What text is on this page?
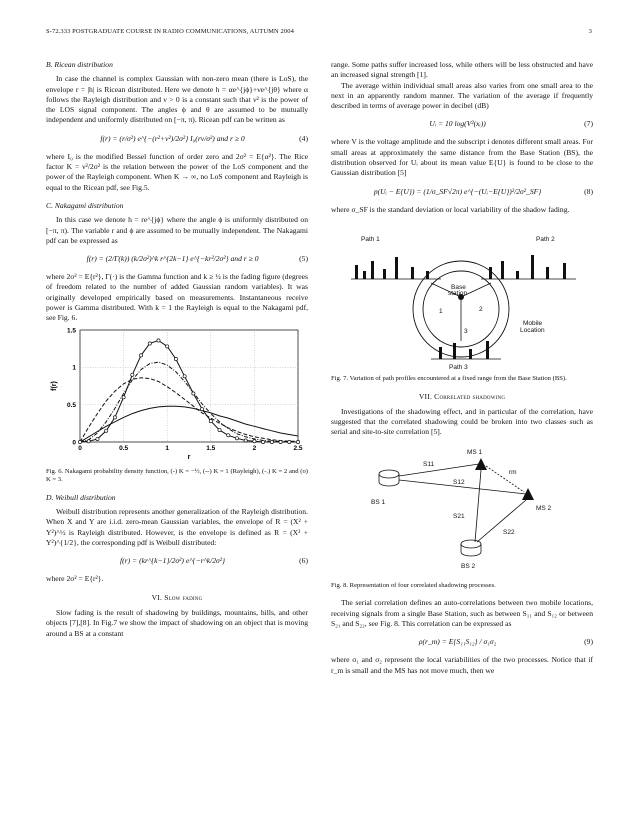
S-72.333 POSTGRADUATE COURSE IN RADIO COMMUNICATIONS, AUTUMN 2004	3
B. Ricean distribution

In case the channel is complex Gaussian with non-zero mean (there is LoS), the envelope r = |h| is Ricean distributed. Here we denote h = αe^{jϕ}+νe^{jθ} where α follows the Rayleigh distribution and ν > 0 is a constant such that ν² is the power of the LOS signal component. The angles ϕ and θ are assumed to be mutually independent and uniformly distributed on [−π, π). Ricean pdf can be written as

f(r) = (r/σ²) e^{−(r²+ν²)/2σ²} I₀(rν/σ²) and r ≥ 0	(4)

where I₀ is the modified Bessel function of order zero and 2σ² = E{α²}. The Rice factor K = ν²/2σ² is the relation between the power of the LoS component and the power of the Rayleigh component. When K → ∞, no LoS component and Rayleigh is equal to the Ricean pdf, see Fig.5.

C. Nakagami distribution

In this case we denote h = re^{jϕ} where the angle ϕ is uniformly distributed on [−π, π). The variable r and ϕ are assumed to be mutually independent. The Nakagami pdf can be expressed as

f(r) = (2/Γ(k)) (k/2σ²)^k r^{2k−1} e^{−kr²/2σ²} and r ≥ 0	(5)

where 2σ² = E{r²}, Γ(·) is the Gamma function and k ≥ ½ is the fading figure (degrees of freedom related to the number of added Gaussian random variables). It was originally developed empirically based on measurements. Instantaneous receive power is Gamma distributed. With k = 1 the Rayleigh is equal to the Nakagami pdf, see Fig. 6.

0	0.5	1	1.5	2	2.5
0
0.5
1
1.5
r
f(r)
Fig. 6. Nakagami probability density function, (-) K = −½, (--) K = 1 (Rayleigh), (-.) K = 2 and (o) K = 3.
D. Weibull distribution

Weibull distribution represents another generalization of the Rayleigh distribution. When X and Y are i.i.d. zero-mean Gaussian variables, the envelope of R = (X² + Y²)^½ is Rayleigh distributed. However, is the envelope is defined as R = (X² + Y²)^{1/2}, the corresponding pdf is Weibull distributed:

f(r) = (kr^{k−1}/2σ²) e^{−r^k/2σ²}	(6)

where 2σ² = E{r²}.

VI. Slow fading

Slow fading is the result of shadowing by buildings, mountains, hills, and other objects [7],[8]. In Fig.7 we show the impact of shadowing on an object that is moving around a BS at a constant

range. Some paths suffer increased loss, while others will be less obstructed and have an increased signal strength [1].

The average within individual small areas also varies from one small area to the next in an apparently random manner. The variation of the average if frequently described in terms of average power in decibel (dB)

Uᵢ = 10 log(V²(xᵢ))	(7)

where V is the voltage amplitude and the subscript i denotes different small areas. For small areas at approximately the same distance from the Base Station (BS), the distribution observed for Uᵢ about its mean value E{U} is found to be close to the Gaussian distribution [5]

p(Uᵢ − E{U}) = (1/σ_SF√2π) e^{−(Uᵢ−E{U})²/2σ²_SF}	(8)

where σ_SF is the standard deviation or local variability of the shadow fading.

Path 1	Path 2
Path 3
Base
station
1	2
3
Mobile
Location
Fig. 7. Variation of path profiles encountered at a fixed range from the Base Station (BS).
VII. Correlated shadowing

Investigations of the shadowing effect, and in particular of the correlation, have suggested that the correlated shadowing could be broken into two classes such as serial and site-to-site correlation [5].

MS 1
MS 2
BS 1
BS 2
S11
S12
S21
S22
rm
Fig. 8. Representation of four correlated shadowing processes.

The serial correlation defines an auto-correlations between two mobile locations, receiving signals from a single Base Station, such as between S₁₁ and S₁₂ or between S₂₁ and S₂₂, see Fig. 8. This correlation can be expressed as

ρ(r_m) = E{S₁₁S₁₂} / σ₁σ₂	(9)

where σ₁ and σ₂ represent the local variabilities of the two processes. Notice that if r_m is small and the MS has not move much, then we
